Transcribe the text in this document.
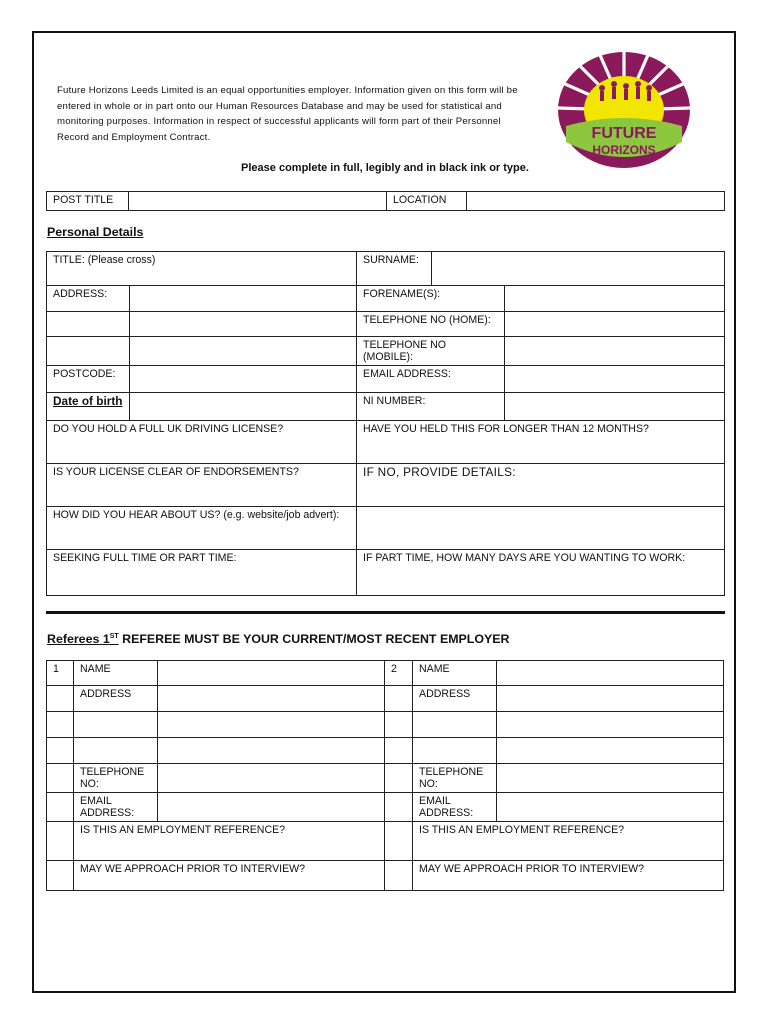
Future Horizons Leeds Limited is an equal opportunities employer. Information given on this form will be entered in whole or in part onto our Human Resources Database and may be used for statistical and monitoring purposes. Information in respect of successful applicants will form part of their Personnel Record and Employment Contract.	FUTURE
HORIZONS

Please complete in full, legibly and in black ink or type.

POST TITLE		LOCATION	

Personal Details

TITLE: (Please cross)		SURNAME:		
ADDRESS:		FORENAME(S):		
		TELEPHONE NO (HOME):		
		TELEPHONE NO (MOBILE):		
POSTCODE:		EMAIL ADDRESS:		
Date of birth		NI NUMBER:		
DO YOU HOLD A FULL UK DRIVING LICENSE?		HAVE YOU HELD THIS FOR LONGER THAN 12 MONTHS?		
IS YOUR LICENSE CLEAR OF ENDORSEMENTS?		IF NO, PROVIDE DETAILS:		
HOW DID YOU HEAR ABOUT US? (e.g. website/job advert):				
SEEKING FULL TIME OR PART TIME:		IF PART TIME, HOW MANY DAYS ARE YOU WANTING TO WORK:		

Referees 1ST REFEREE MUST BE YOUR CURRENT/MOST RECENT EMPLOYER

1	NAME		2	NAME	
	ADDRESS			ADDRESS	

	TELEPHONE NO:			TELEPHONE NO:	
	EMAIL ADDRESS:			EMAIL ADDRESS:	
	IS THIS AN EMPLOYMENT REFERENCE?			IS THIS AN EMPLOYMENT REFERENCE?	
	MAY WE APPROACH PRIOR TO INTERVIEW?			MAY WE APPROACH PRIOR TO INTERVIEW?	
